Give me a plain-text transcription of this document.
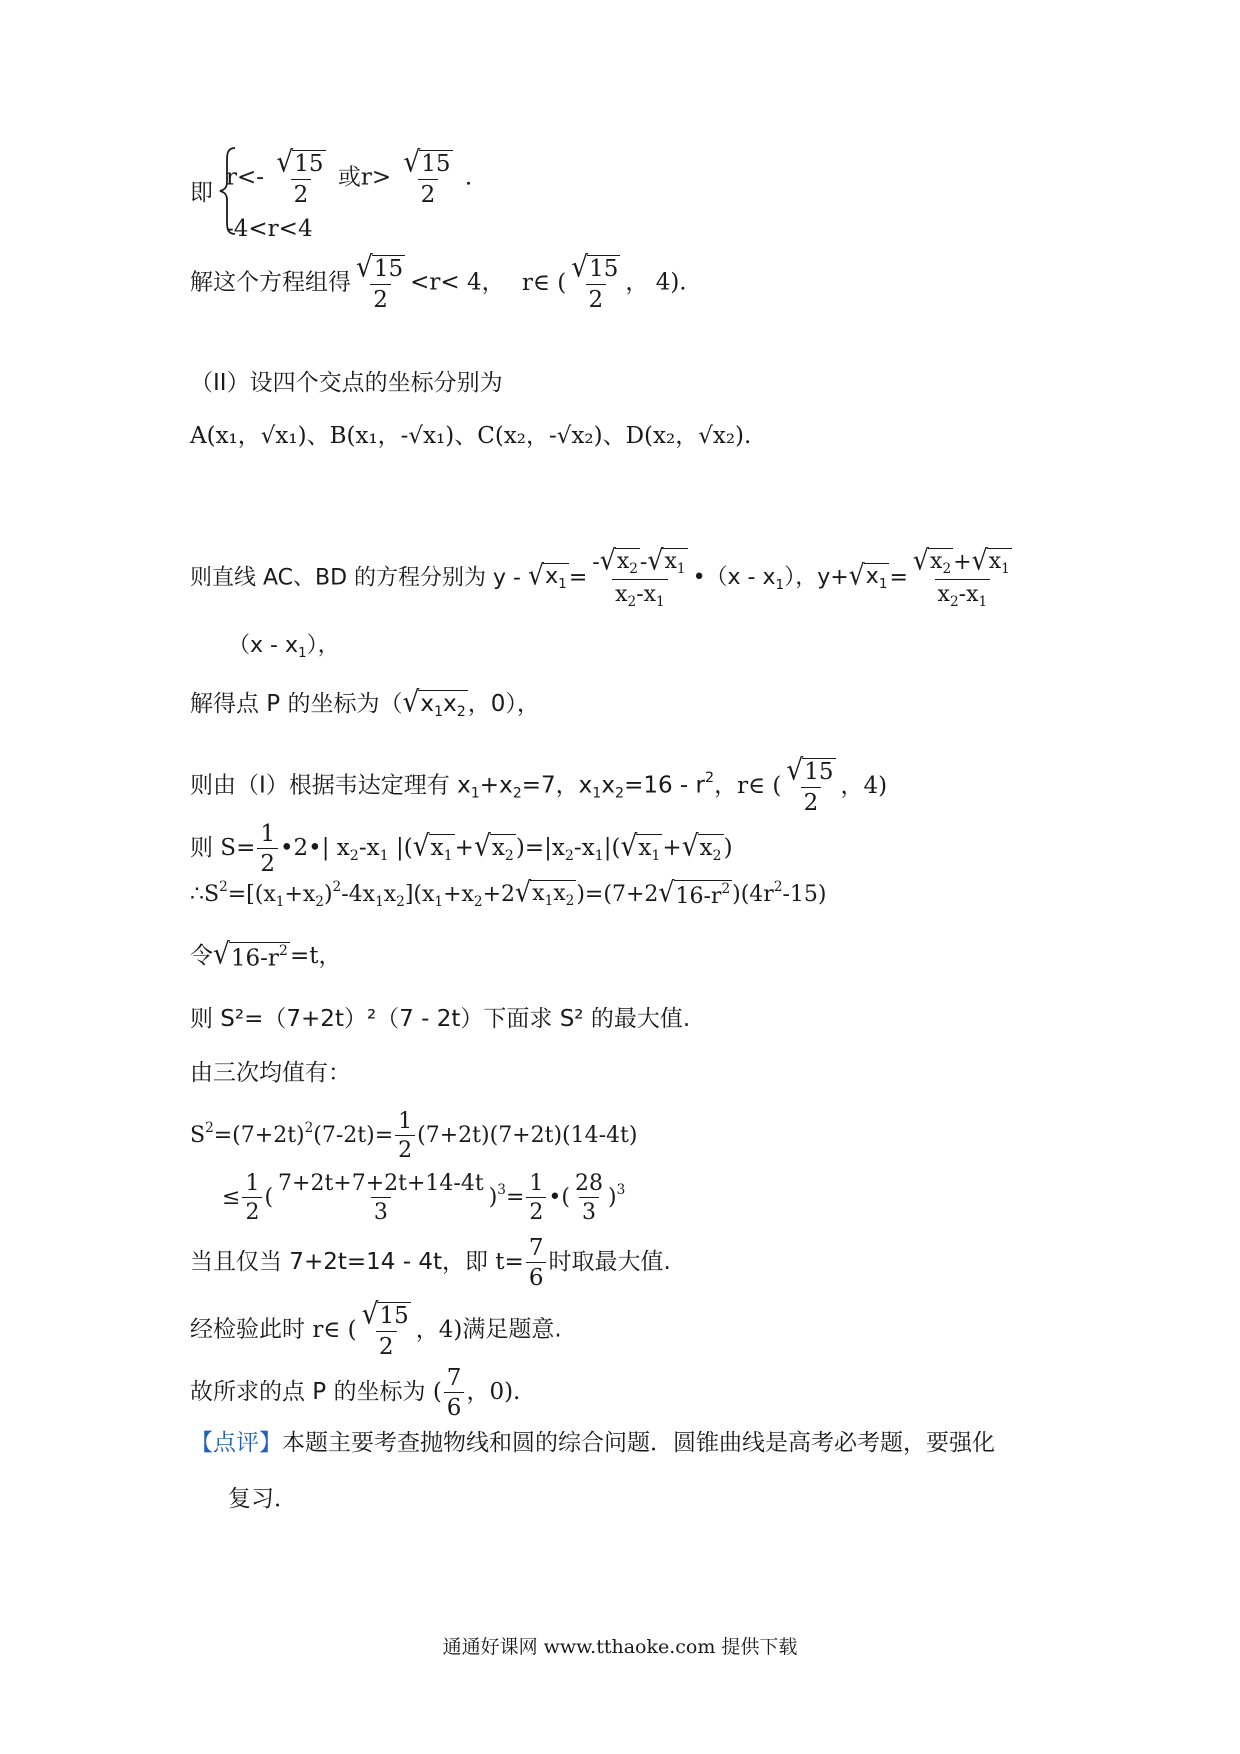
即
$r<- \frac{√ 15}{2}$ 或$r> \frac{√ 15}{2}$ .
-4<r<4
解这个方程组得 $\frac{√ 15}{2} <r< 4$， r∈ ( $\frac{√ 15}{2}$ ， 4).
（II）设四个交点的坐标分别为
A(x₁，√x₁)、B(x₁，-√x₁)、C(x₂，-√x₂)、D(x₂，√x₂).
则直线 AC、BD 的方程分别为 y - √ $x_1 = \frac{- √ x_2 - √ x_1}{x_2-x_1}$ •（x - $x_1$），y+ √ $x_1 = \frac{√ x_2 + √ x_1}{x_2-x_1}$
$(x - x_1)$，
解得点 P 的坐标为（ √ $x_1x_2$ ，0），
则由（I）根据韦达定理有 $x_1+x_2=7$，$x_1x_2=16 - r^2$，r∈ ( $\frac{√ 15}{2}$ ，4)
则 $S= \frac{1}{2}$ •2•| $x_2-x_1$ |( √ $x_1$ + √ $x_2$ )$=|x_2-x_1|$( √ $x_1$ + √ $x_2$ )
$\therefore S^2=[(x_1+x_2)^2-4x_1x_2](x_1+x_2+2$ √ $x_1x_2$ )=(7+2 √ $16-r^2$ )$(4r^2-15)$
令 √ $16-r^2 =t$，
则 S²=（7+2t）²（7 - 2t）下面求 S² 的最大值.
由三次均值有：
$S^2=(7+2t)^2(7-2t)= \frac{1}{2} (7+2t)(7+2t)(14-4t)$
≤ $\frac{1}{2}$ ( $\frac{7+2t+7+2t+14-4t}{3} )^3= \frac{1}{2}$ •( $\frac{28}{3} )^3$
当且仅当 7+2t=14 - 4t，即 $t= \frac{7}{6}$ 时取最大值.
经检验此时 r∈ ( $\frac{√ 15}{2}$ ，4)满足题意.
故所求的点 P 的坐标为 ( $\frac{7}{6}$ ，0).
【点评】本题主要考查抛物线和圆的综合问题．圆锥曲线是高考必考题，要强化
复习．
通通好课网 www.tthaoke.com 提供下载
